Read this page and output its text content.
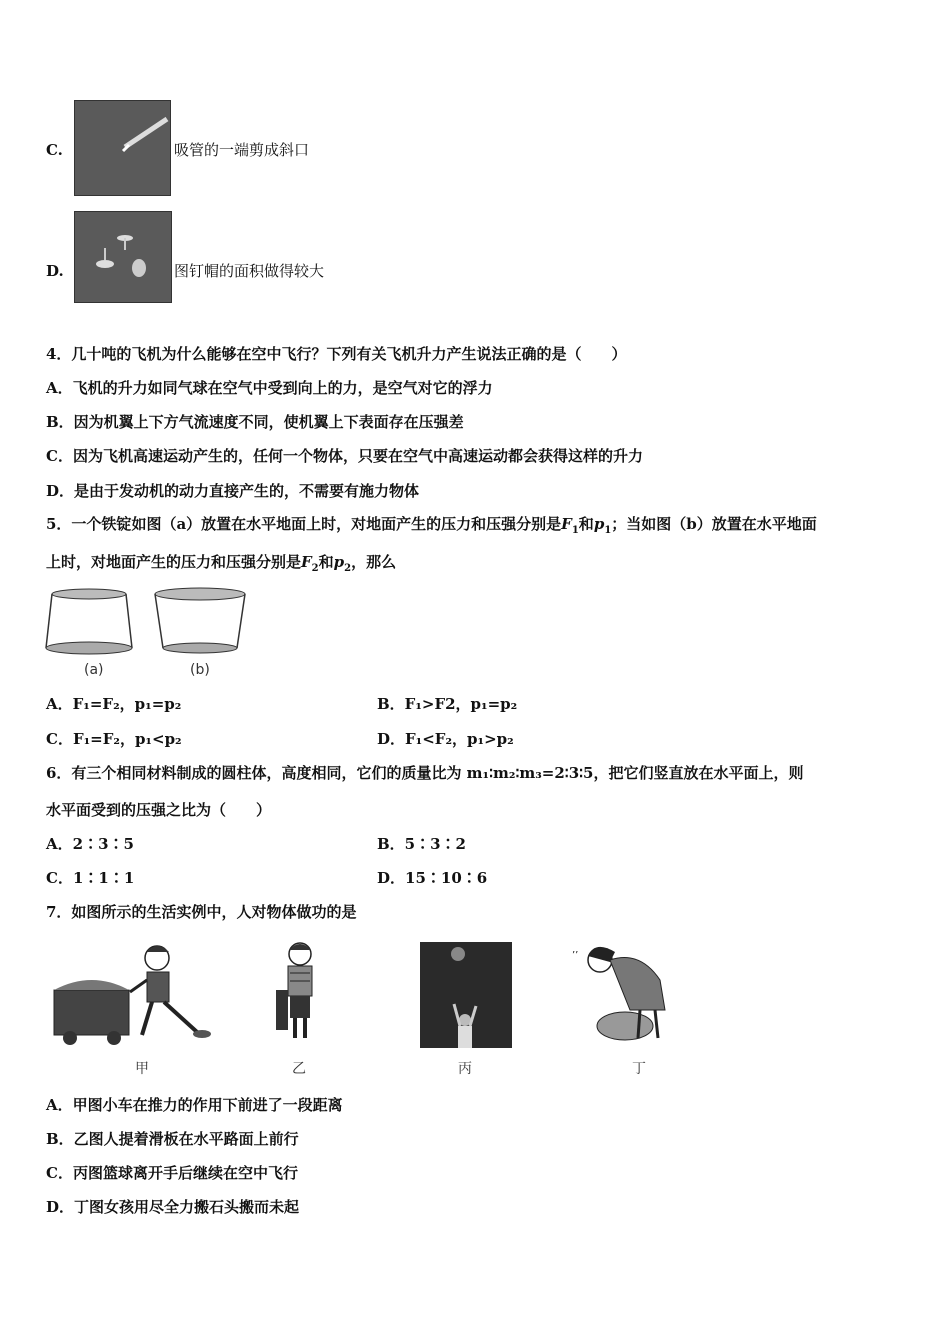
C.	吸管的一端剪成斜口
D.	图钉帽的面积做得较大
4．几十吨的飞机为什么能够在空中飞行？下列有关飞机升力产生说法正确的是（　　）
A．飞机的升力如同气球在空气中受到向上的力，是空气对它的浮力
B．因为机翼上下方气流速度不同，使机翼上下表面存在压强差
C．因为飞机高速运动产生的，任何一个物体，只要在空气中高速运动都会获得这样的升力
D．是由于发动机的动力直接产生的，不需要有施力物体
5．一个铁锭如图（a）放置在水平地面上时，对地面产生的压力和压强分别是$F_1$和$p_1$；当如图（b）放置在水平地面
上时，对地面产生的压力和压强分别是$F_2$和$p_2$，那么
(a)	(b)
A．F₁=F₂，p₁=p₂	B．F₁>F2，p₁=p₂
C．F₁=F₂，p₁<p₂	D．F₁<F₂，p₁>p₂
6．有三个相同材料制成的圆柱体，高度相同，它们的质量比为 m₁∶m₂∶m₃=2∶3∶5，把它们竖直放在水平面上，则
水平面受到的压强之比为（　　）
A．2∶3∶5	B．5∶3∶2
C．1∶1∶1	D．15∶10∶6
7．如图所示的生活实例中，人对物体做功的是
甲	乙	丙
’’
丁
A．甲图小车在推力的作用下前进了一段距离
B．乙图人提着滑板在水平路面上前行
C．丙图篮球离开手后继续在空中飞行
D．丁图女孩用尽全力搬石头搬而未起
